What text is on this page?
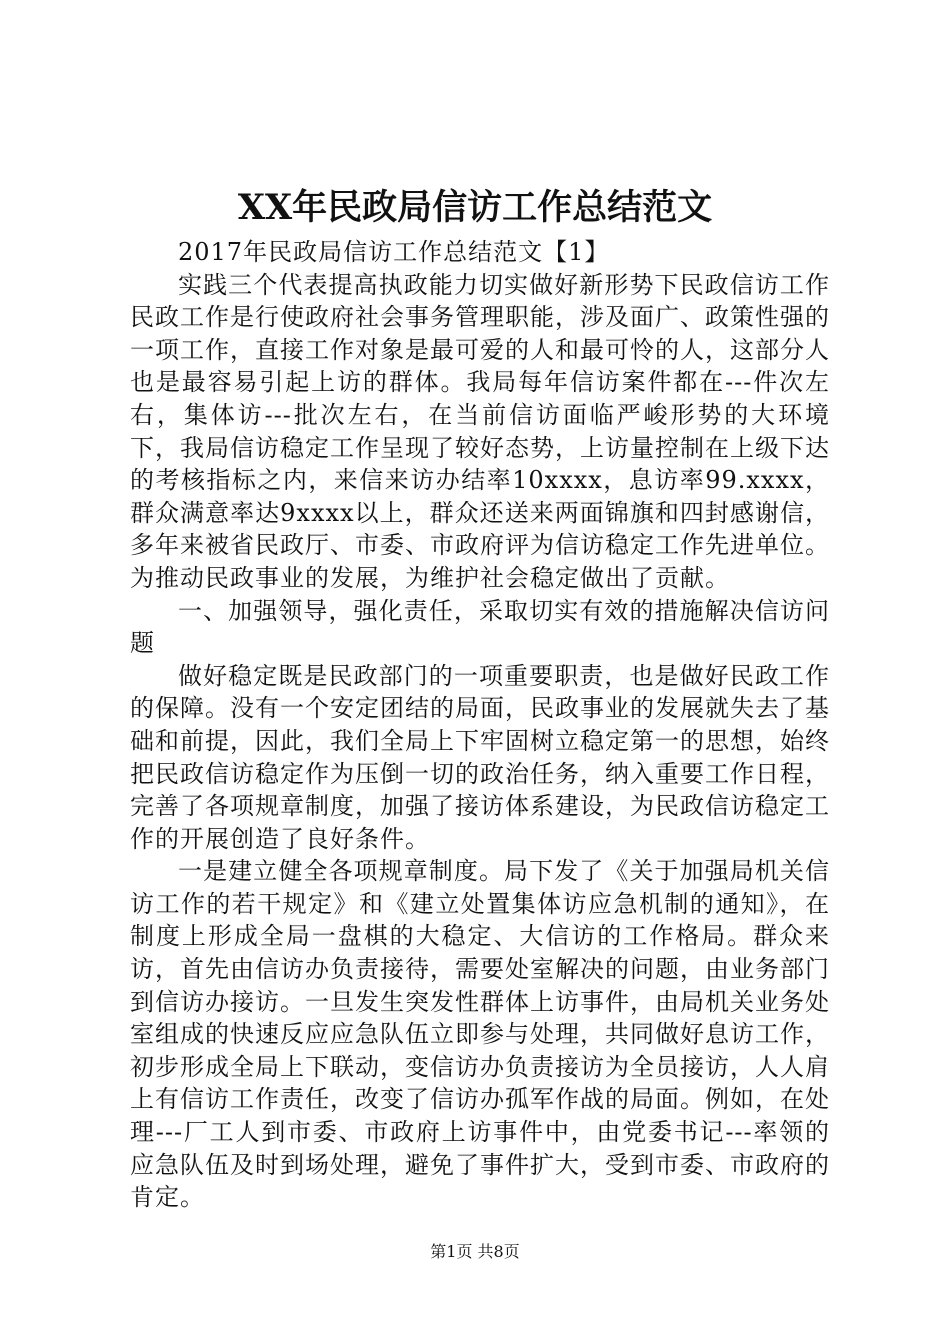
XX年民政局信访工作总结范文

2017年民政局信访工作总结范文【1】

实践三个代表提高执政能力切实做好新形势下民政信访工作民政工作是行使政府社会事务管理职能，涉及面广、政策性强的一项工作，直接工作对象是最可爱的人和最可怜的人，这部分人也是最容易引起上访的群体。我局每年信访案件都在---件次左右，集体访---批次左右，在当前信访面临严峻形势的大环境下，我局信访稳定工作呈现了较好态势，上访量控制在上级下达的考核指标之内，来信来访办结率10xxxx，息访率99.xxxx，群众满意率达9xxxx以上，群众还送来两面锦旗和四封感谢信，多年来被省民政厅、市委、市政府评为信访稳定工作先进单位。为推动民政事业的发展，为维护社会稳定做出了贡献。

一、加强领导，强化责任，采取切实有效的措施解决信访问题

做好稳定既是民政部门的一项重要职责，也是做好民政工作的保障。没有一个安定团结的局面，民政事业的发展就失去了基础和前提，因此，我们全局上下牢固树立稳定第一的思想，始终把民政信访稳定作为压倒一切的政治任务，纳入重要工作日程，完善了各项规章制度，加强了接访体系建设，为民政信访稳定工作的开展创造了良好条件。

一是建立健全各项规章制度。局下发了《关于加强局机关信访工作的若干规定》和《建立处置集体访应急机制的通知》，在制度上形成全局一盘棋的大稳定、大信访的工作格局。群众来访，首先由信访办负责接待，需要处室解决的问题，由业务部门到信访办接访。一旦发生突发性群体上访事件，由局机关业务处室组成的快速反应应急队伍立即参与处理，共同做好息访工作，初步形成全局上下联动，变信访办负责接访为全员接访，人人肩上有信访工作责任，改变了信访办孤军作战的局面。例如，在处理---厂工人到市委、市政府上访事件中，由党委书记---率领的应急队伍及时到场处理，避免了事件扩大，受到市委、市政府的肯定。

第1页 共8页
